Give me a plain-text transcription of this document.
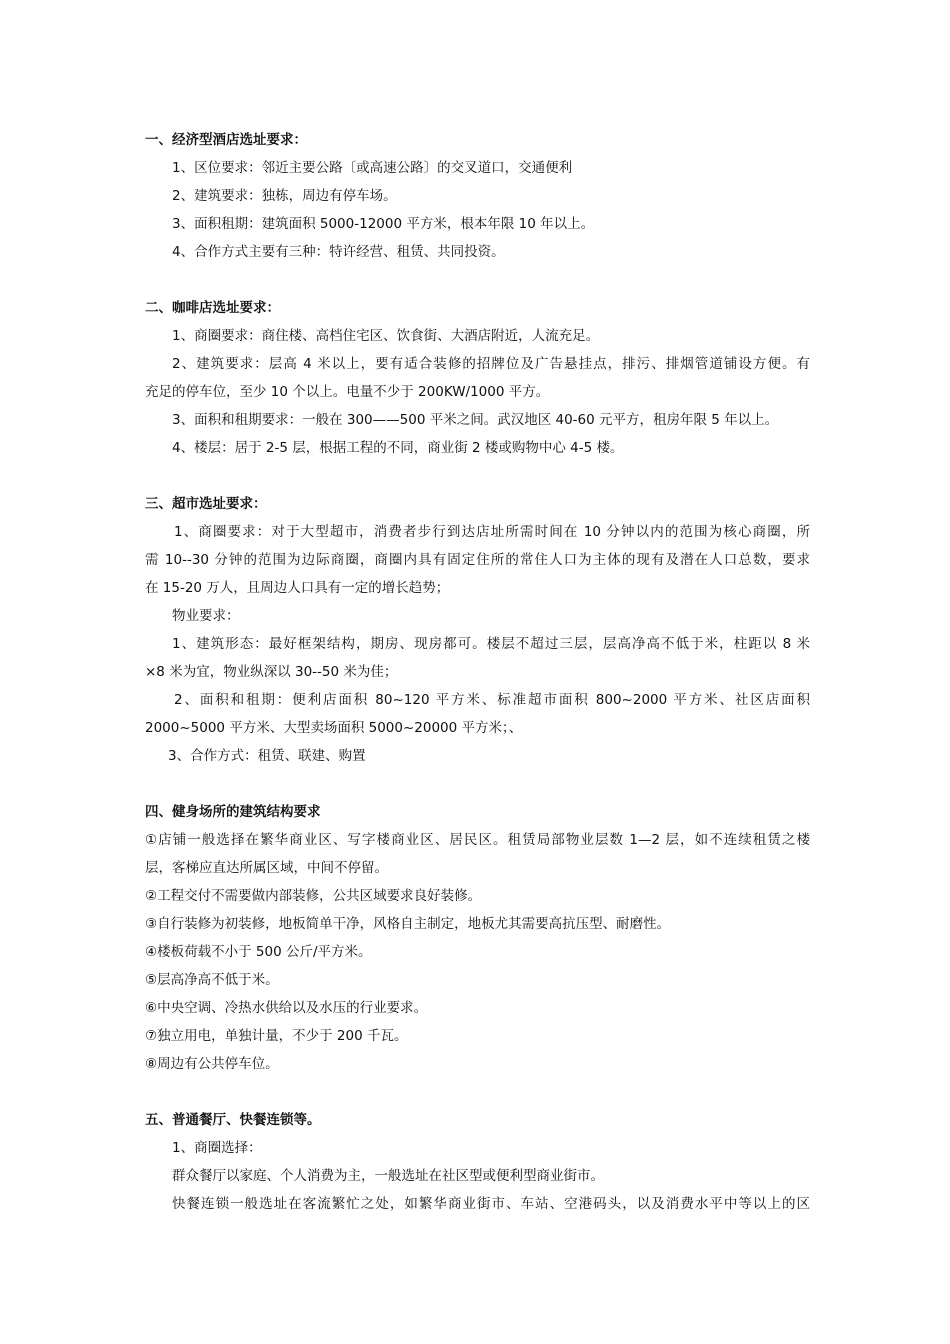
一、经济型酒店选址要求：
1、区位要求：邻近主要公路〔或高速公路〕的交叉道口，交通便利
2、建筑要求：独栋，周边有停车场。
3、面积租期：建筑面积 5000-12000 平方米，根本年限 10 年以上。
4、合作方式主要有三种：特许经营、租赁、共同投资。
二、咖啡店选址要求：
1、商圈要求：商住楼、高档住宅区、饮食街、大酒店附近，人流充足。
2、建筑要求：层高 4 米以上，要有适合装修的招牌位及广告悬挂点，排污、排烟管道铺设方便。有
充足的停车位，至少 10 个以上。电量不少于 200KW/1000 平方。
3、面积和租期要求：一般在 300——500 平米之间。武汉地区 40-60 元平方，租房年限 5 年以上。
4、楼层：居于 2-5 层，根据工程的不同，商业街 2 楼或购物中心 4-5 楼。
三、超市选址要求：
1、商圈要求：对于大型超市，消费者步行到达店址所需时间在 10 分钟以内的范围为核心商圈，所
需 10--30 分钟的范围为边际商圈，商圈内具有固定住所的常住人口为主体的现有及潜在人口总数，要求
在 15-20 万人，且周边人口具有一定的增长趋势；
物业要求：
1、建筑形态：最好框架结构，期房、现房都可。楼层不超过三层，层高净高不低于米，柱距以 8 米
×8 米为宜，物业纵深以 30--50 米为佳；
2、面积和租期：便利店面积 80~120 平方米、标准超市面积 800~2000 平方米、社区店面积
2000~5000 平方米、大型卖场面积 5000~20000 平方米；、
3、合作方式：租赁、联建、购置
四、健身场所的建筑结构要求
①店铺一般选择在繁华商业区、写字楼商业区、居民区。租赁局部物业层数 1—2 层，如不连续租赁之楼
层，客梯应直达所属区域，中间不停留。
②工程交付不需要做内部装修，公共区域要求良好装修。
③自行装修为初装修，地板简单干净，风格自主制定，地板尤其需要高抗压型、耐磨性。
④楼板荷载不小于 500 公斤/平方米。
⑤层高净高不低于米。
⑥中央空调、冷热水供给以及水压的行业要求。
⑦独立用电，单独计量，不少于 200 千瓦。
⑧周边有公共停车位。
五、普通餐厅、快餐连锁等。
1、商圈选择：
群众餐厅以家庭、个人消费为主，一般选址在社区型或便利型商业街市。
快餐连锁一般选址在客流繁忙之处，如繁华商业街市、车站、空港码头，以及消费水平中等以上的区
